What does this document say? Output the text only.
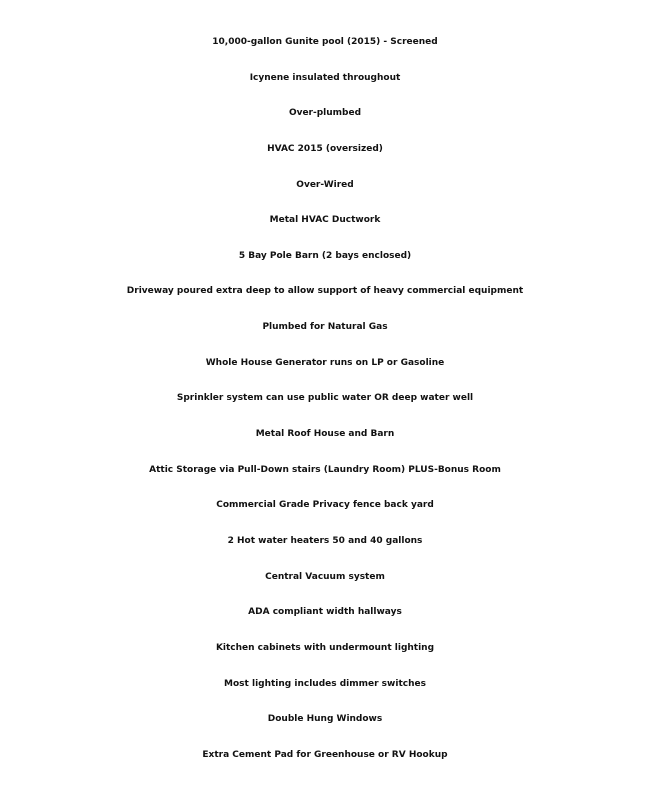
10,000-gallon Gunite pool (2015) - Screened
Icynene insulated throughout
Over-plumbed
HVAC 2015 (oversized)
Over-Wired
Metal HVAC Ductwork
5 Bay Pole Barn (2 bays enclosed)
Driveway poured extra deep to allow support of heavy commercial equipment
Plumbed for Natural Gas
Whole House Generator runs on LP or Gasoline
Sprinkler system can use public water OR deep water well
Metal Roof House and Barn
Attic Storage via Pull-Down stairs (Laundry Room) PLUS-Bonus Room
Commercial Grade Privacy fence back yard
2 Hot water heaters 50 and 40 gallons
Central Vacuum system
ADA compliant width hallways
Kitchen cabinets with undermount lighting
Most lighting includes dimmer switches
Double Hung Windows
Extra Cement Pad for Greenhouse or RV Hookup
